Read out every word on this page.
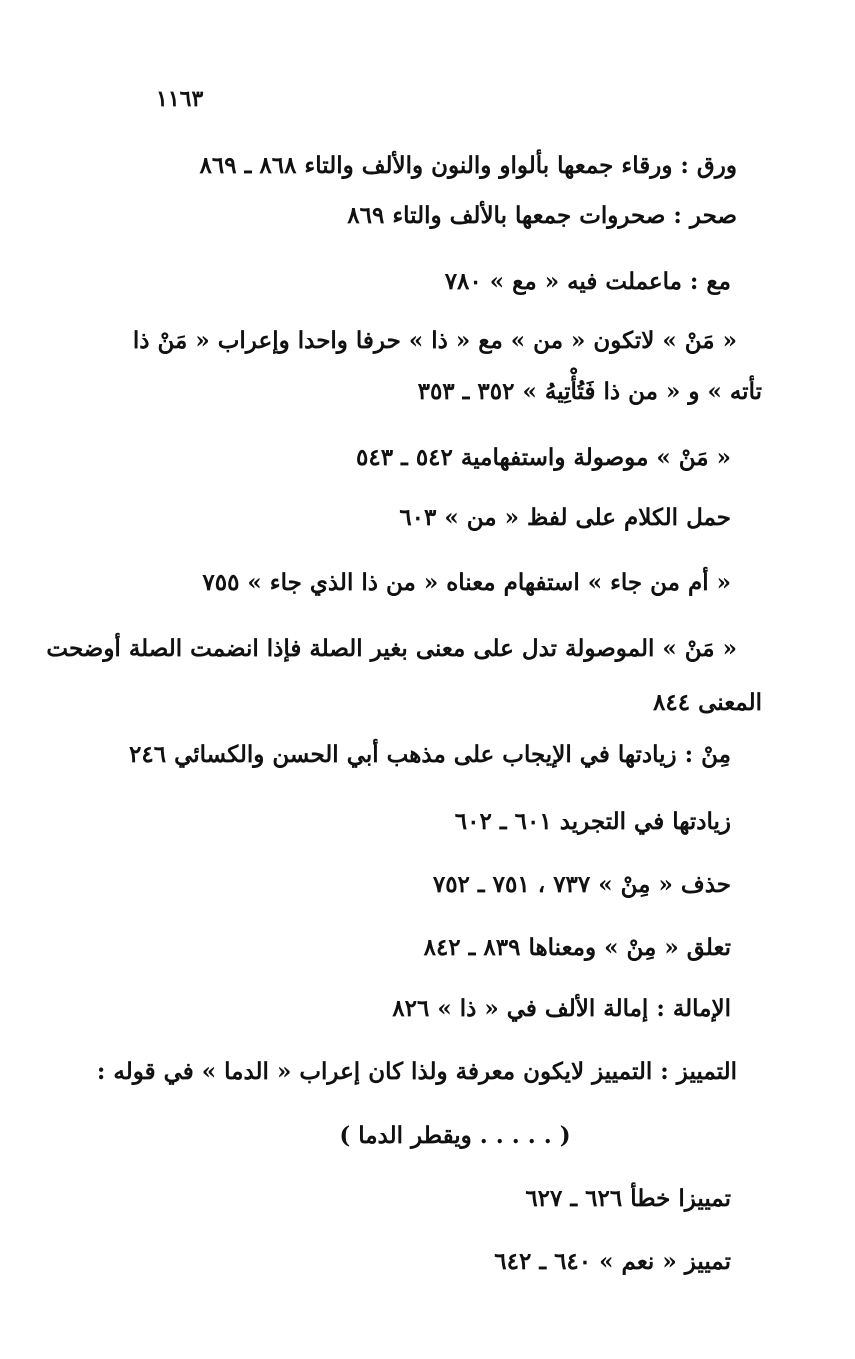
١١٦٣
ورق : ورقاء جمعها بألواو والنون والألف والتاء ٨٦٨ ـ ٨٦٩
صحر : صحروات جمعها بالألف والتاء ٨٦٩
مع : ماعملت فيه « مع » ٧٨٠
« مَنْ » لاتكون « من » مع « ذا » حرفا واحدا وإعراب « مَنْ ذا
تأته » و « من ذا فَتُأْتِيهُ » ٣٥٢ ـ ٣٥٣
« مَنْ » موصولة واستفهامية ٥٤٢ ـ ٥٤٣
حمل الكلام على لفظ « من » ٦٠٣
« أم من جاء » استفهام معناه « من ذا الذي جاء » ٧٥٥
« مَنْ » الموصولة تدل على معنى بغير الصلة فإذا انضمت الصلة أوضحت
المعنى ٨٤٤
مِنْ : زيادتها في الإيجاب على مذهب أبي الحسن والكسائي ٢٤٦
زيادتها في التجريد ٦٠١ ـ ٦٠٢
حذف « مِنْ » ٧٣٧ ، ٧٥١ ـ ٧٥٢
تعلق « مِنْ » ومعناها ٨٣٩ ـ ٨٤٢
الإمالة : إمالة الألف في « ذا » ٨٢٦
التمييز : التمييز لايكون معرفة ولذا كان إعراب « الدما » في قوله :
( . . . . . ويقطر الدما )
تمييزا خطأ ٦٢٦ ـ ٦٢٧
تمييز « نعم » ٦٤٠ ـ ٦٤٢
